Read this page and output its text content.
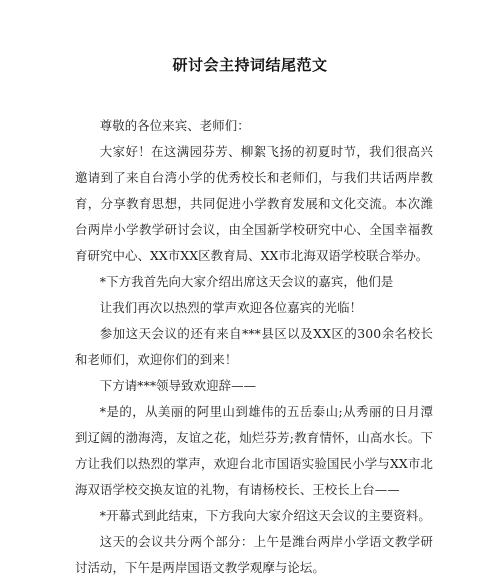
研讨会主持词结尾范文

尊敬的各位来宾、老师们：

大家好！在这满园芬芳、柳絮飞扬的初夏时节，我们很高兴邀请到了来自台湾小学的优秀校长和老师们，与我们共话两岸教育，分享教育思想，共同促进小学教育发展和文化交流。本次潍台两岸小学教学研讨会议，由全国新学校研究中心、全国幸福教育研究中心、XX市XX区教育局、XX市北海双语学校联合举办。

*下方我首先向大家介绍出席这天会议的嘉宾，他们是

让我们再次以热烈的掌声欢迎各位嘉宾的光临！

参加这天会议的还有来自***县区以及XX区的300余名校长和老师们，欢迎你们的到来！

下方请***领导致欢迎辞——

*是的，从美丽的阿里山到雄伟的五岳泰山;从秀丽的日月潭到辽阔的渤海湾，友谊之花，灿烂芬芳;教育情怀，山高水长。下方让我们以热烈的掌声，欢迎台北市国语实验国民小学与XX市北海双语学校交换友谊的礼物，有请杨校长、王校长上台——

*开幕式到此结束，下方我向大家介绍这天会议的主要资料。

这天的会议共分两个部分：上午是潍台两岸小学语文教学研讨活动，下午是两岸国语文教学观摩与论坛。
